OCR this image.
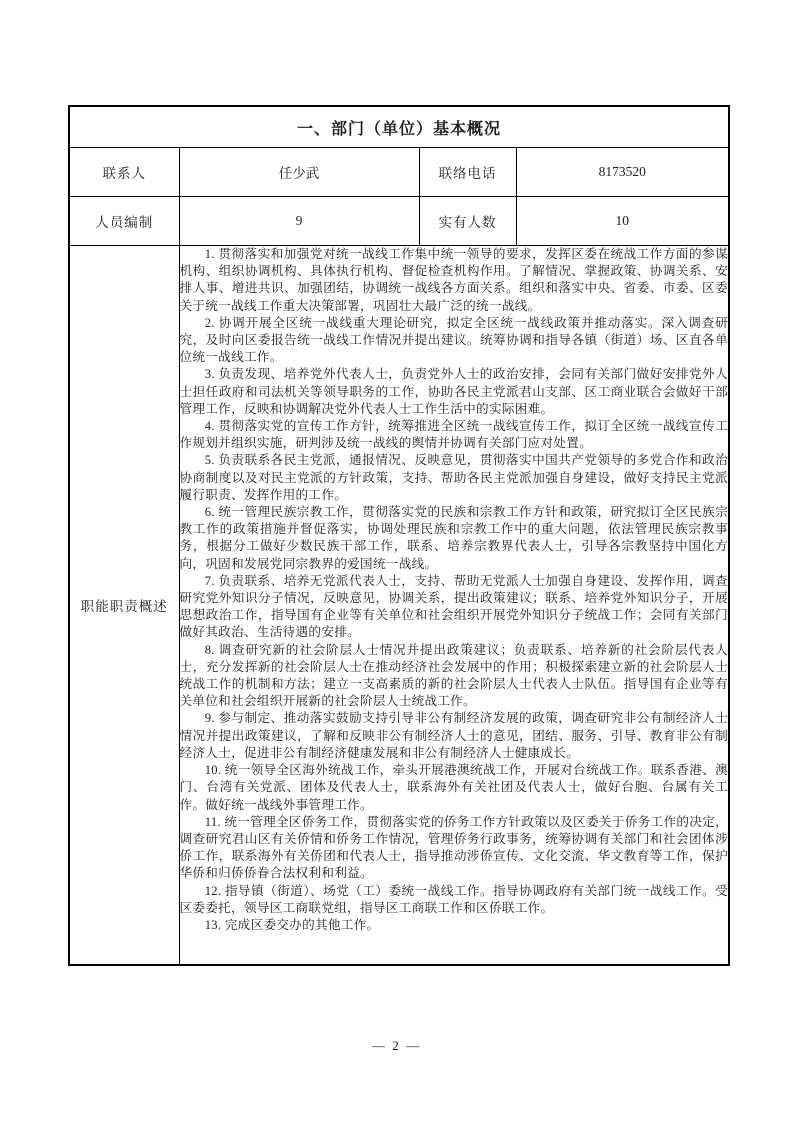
一、部门（单位）基本概况			
联系人	任少武	联络电话	8173520
人员编制	9	实有人数	10
职能职责概述	

1. 贯彻落实和加强党对统一战线工作集中统一领导的要求，发挥区委在统战工作方面的参谋机构、组织协调机构、具体执行机构、督促检查机构作用。了解情况、掌握政策、协调关系、安排人事、增进共识、加强团结，协调统一战线各方面关系。组织和落实中央、省委、市委、区委关于统一战线工作重大决策部署，巩固壮大最广泛的统一战线。

2. 协调开展全区统一战线重大理论研究，拟定全区统一战线政策并推动落实。深入调查研究，及时向区委报告统一战线工作情况并提出建议。统筹协调和指导各镇（街道）场、区直各单位统一战线工作。

3. 负责发现、培养党外代表人士，负责党外人士的政治安排，会同有关部门做好安排党外人士担任政府和司法机关等领导职务的工作，协助各民主党派君山支部、区工商业联合会做好干部管理工作，反映和协调解决党外代表人士工作生活中的实际困难。

4. 贯彻落实党的宣传工作方针，统筹推进全区统一战线宣传工作，拟订全区统一战线宣传工作规划并组织实施，研判涉及统一战线的舆情并协调有关部门应对处置。

5. 负责联系各民主党派，通报情况、反映意见，贯彻落实中国共产党领导的多党合作和政治协商制度以及对民主党派的方针政策，支持、帮助各民主党派加强自身建设，做好支持民主党派履行职责、发挥作用的工作。

6. 统一管理民族宗教工作，贯彻落实党的民族和宗教工作方针和政策，研究拟订全区民族宗教工作的政策措施并督促落实，协调处理民族和宗教工作中的重大问题，依法管理民族宗教事务，根据分工做好少数民族干部工作，联系、培养宗教界代表人士，引导各宗教坚持中国化方向，巩固和发展党同宗教界的爱国统一战线。

7. 负责联系、培养无党派代表人士，支持、帮助无党派人士加强自身建设、发挥作用，调查研究党外知识分子情况，反映意见，协调关系，提出政策建议；联系、培养党外知识分子，开展思想政治工作，指导国有企业等有关单位和社会组织开展党外知识分子统战工作；会同有关部门做好其政治、生活待遇的安排。

8. 调查研究新的社会阶层人士情况并提出政策建议；负责联系、培养新的社会阶层代表人士，充分发挥新的社会阶层人士在推动经济社会发展中的作用；积极探索建立新的社会阶层人士统战工作的机制和方法；建立一支高素质的新的社会阶层人士代表人士队伍。指导国有企业等有关单位和社会组织开展新的社会阶层人士统战工作。

9. 参与制定、推动落实鼓励支持引导非公有制经济发展的政策，调查研究非公有制经济人士情况并提出政策建议，了解和反映非公有制经济人士的意见，团结、服务、引导、教育非公有制经济人士，促进非公有制经济健康发展和非公有制经济人士健康成长。

10. 统一领导全区海外统战工作，牵头开展港澳统战工作，开展对台统战工作。联系香港、澳门、台湾有关党派、团体及代表人士，联系海外有关社团及代表人士，做好台胞、台属有关工作。做好统一战线外事管理工作。

11. 统一管理全区侨务工作，贯彻落实党的侨务工作方针政策以及区委关于侨务工作的决定，调查研究君山区有关侨情和侨务工作情况，管理侨务行政事务，统筹协调有关部门和社会团体涉侨工作，联系海外有关侨团和代表人士，指导推动涉侨宣传、文化交流、华文教育等工作，保护华侨和归侨侨眷合法权利和利益。

12. 指导镇（街道）、场党（工）委统一战线工作。指导协调政府有关部门统一战线工作。受区委委托，领导区工商联党组，指导区工商联工作和区侨联工作。

13. 完成区委交办的其他工作。

— 2 —
